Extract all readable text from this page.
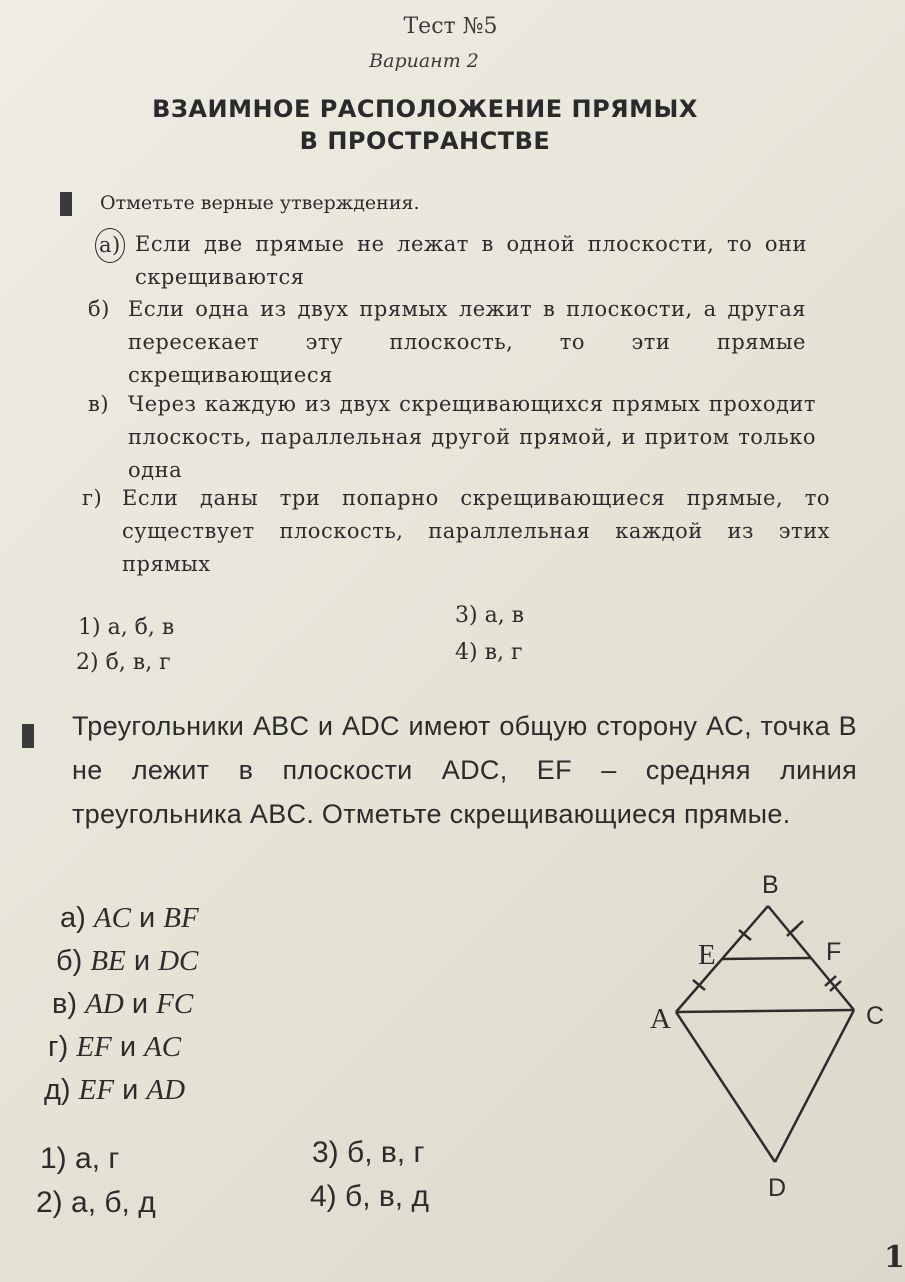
Тест №5
Вариант 2
ВЗАИМНОЕ РАСПОЛОЖЕНИЕ ПРЯМЫХ
В ПРОСТРАНСТВЕ
Отметьте верные утверждения.
а) Если две прямые не лежат в одной плоскости, то они скрещиваются
б) Если одна из двух прямых лежит в плоскости, а другая пересекает эту плоскость, то эти прямые скрещивающиеся
в) Через каждую из двух скрещивающихся прямых проходит плоскость, параллельная другой прямой, и притом только одна
г) Если даны три попарно скрещивающиеся прямые, то существует плоскость, параллельная каждой из этих прямых
1) а, б, в
2) б, в, г
3) а, в
4) в, г
Треугольники ABC и ADC имеют общую сторону AC, точка B не лежит в плоскости ADC, EF – средняя линия треугольника ABC. Отметьте скрещивающиеся прямые.
а) AC и BF
б) BE и DC
в) AD и FC
г) EF и AC
д) EF и AD
1) а, г
2) а, б, д
3) б, в, г
4) б, в, д
B
E	F
A	C
D
1
